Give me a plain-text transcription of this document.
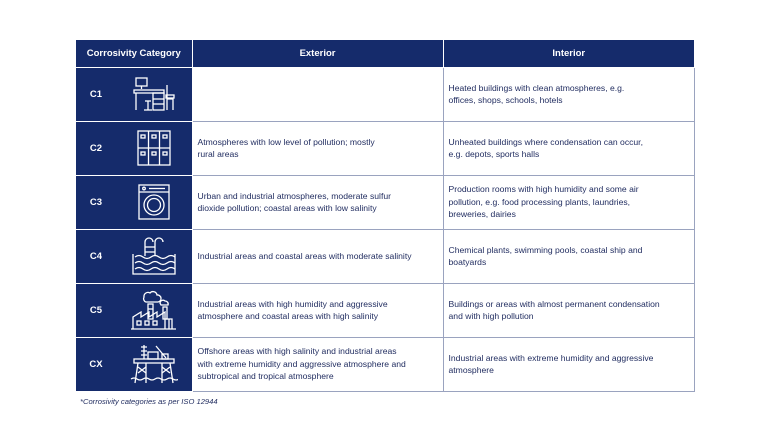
Corrosivity Category		Exterior	Interior
C1			Heated buildings with clean atmospheres, e.g.
offices, shops, schools, hotels
C2		Atmospheres with low level of pollution; mostly
rural areas	Unheated buildings where condensation can occur,
e.g. depots, sports halls
C3		Urban and industrial atmospheres, moderate sulfur
dioxide pollution; coastal areas with low salinity	Production rooms with high humidity and some air
pollution, e.g. food processing plants, laundries,
breweries, dairies
C4		Industrial areas and coastal areas with moderate salinity	Chemical plants, swimming pools, coastal ship and
boatyards
C5		Industrial areas with high humidity and aggressive
atmosphere and coastal areas with high salinity	Buildings or areas with almost permanent condensation
and with high pollution
CX		Offshore areas with high salinity and industrial areas
with extreme humidity and aggressive atmosphere and
subtropical and tropical atmosphere	Industrial areas with extreme humidity and aggressive
atmosphere
*Corrosivity categories as per ISO 12944
